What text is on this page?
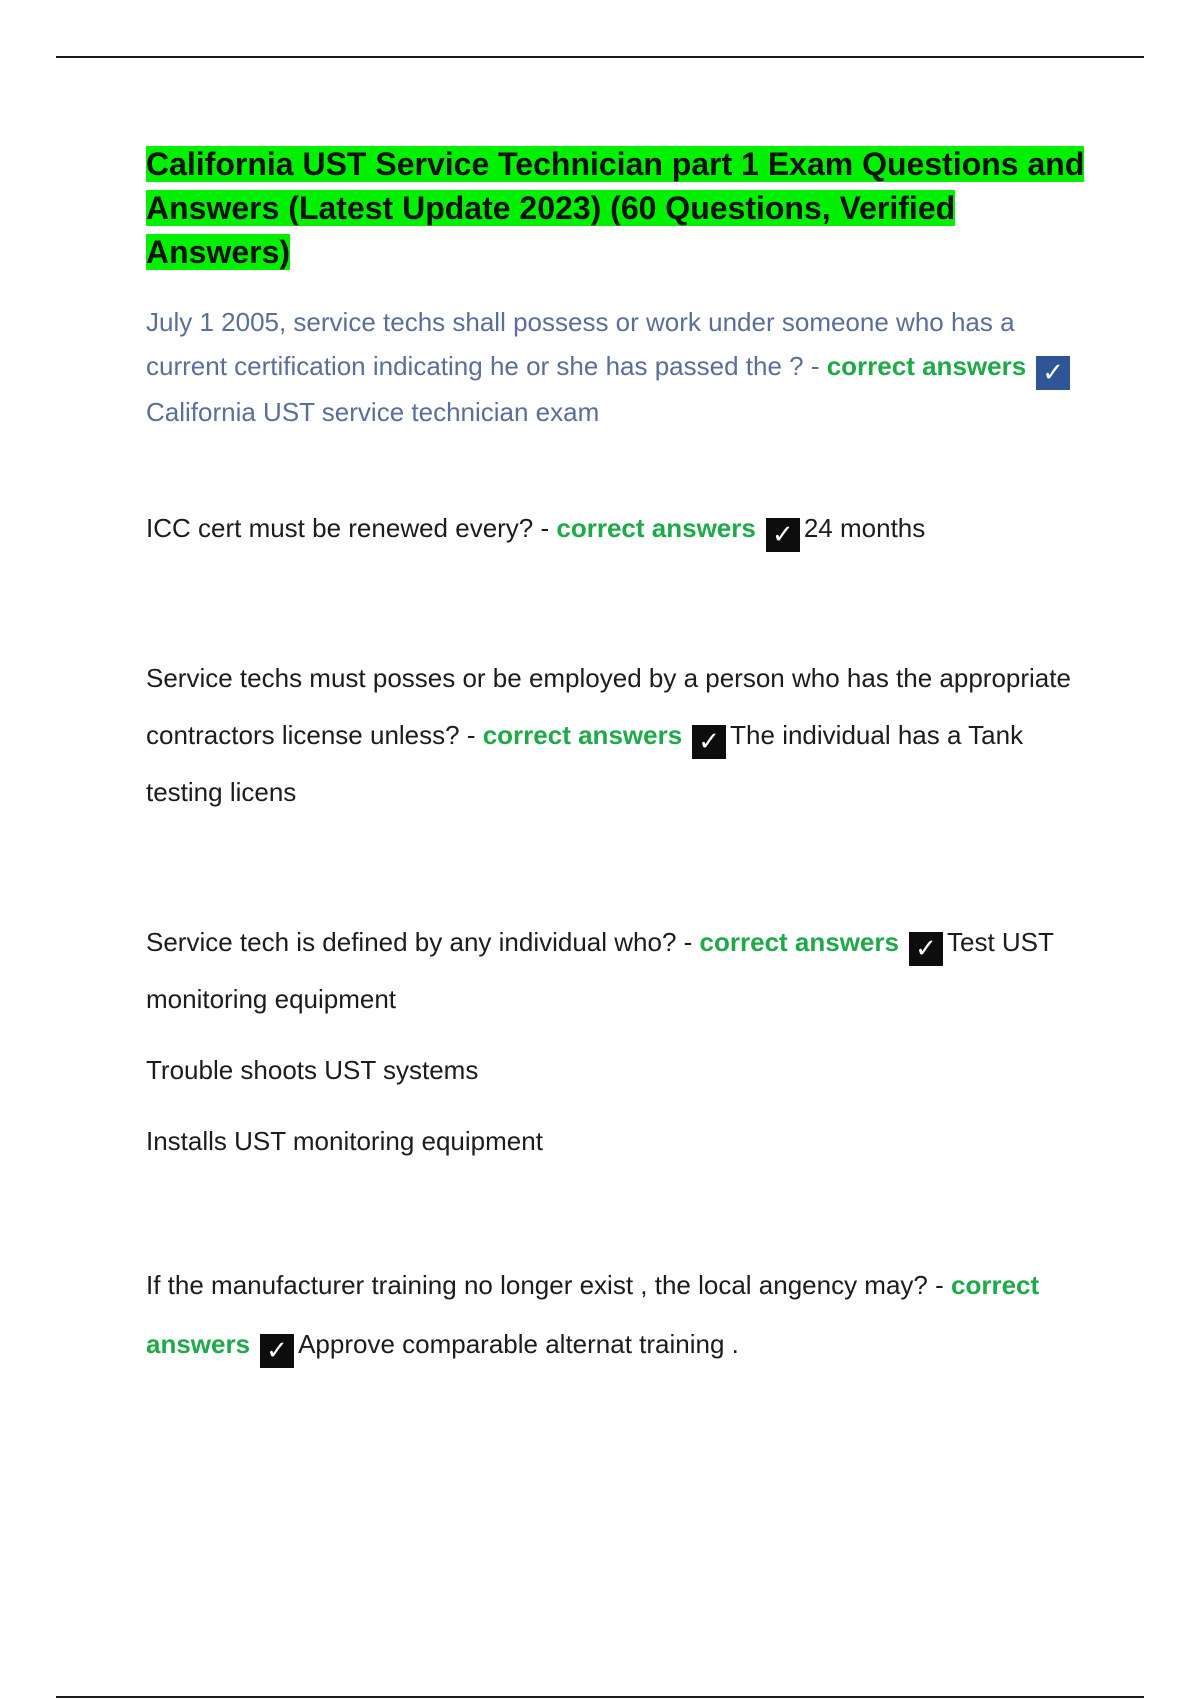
California UST Service Technician part 1 Exam Questions and Answers (Latest Update 2023) (60 Questions, Verified Answers)

July 1 2005, service techs shall possess or work under someone who has a current certification indicating he or she has passed the ? - correct answers ✓California UST service technician exam

ICC cert must be renewed every? - correct answers ✓ 24 months

Service techs must posses or be employed by a person who has the appropriate contractors license unless? - correct answers ✓ The individual has a Tank testing licens

Service tech is defined by any individual who? - correct answers ✓ Test UST monitoring equipment
Trouble shoots UST systems
Installs UST monitoring equipment

If the manufacturer training no longer exist , the local angency may? - correct answers ✓ Approve comparable alternat training .
